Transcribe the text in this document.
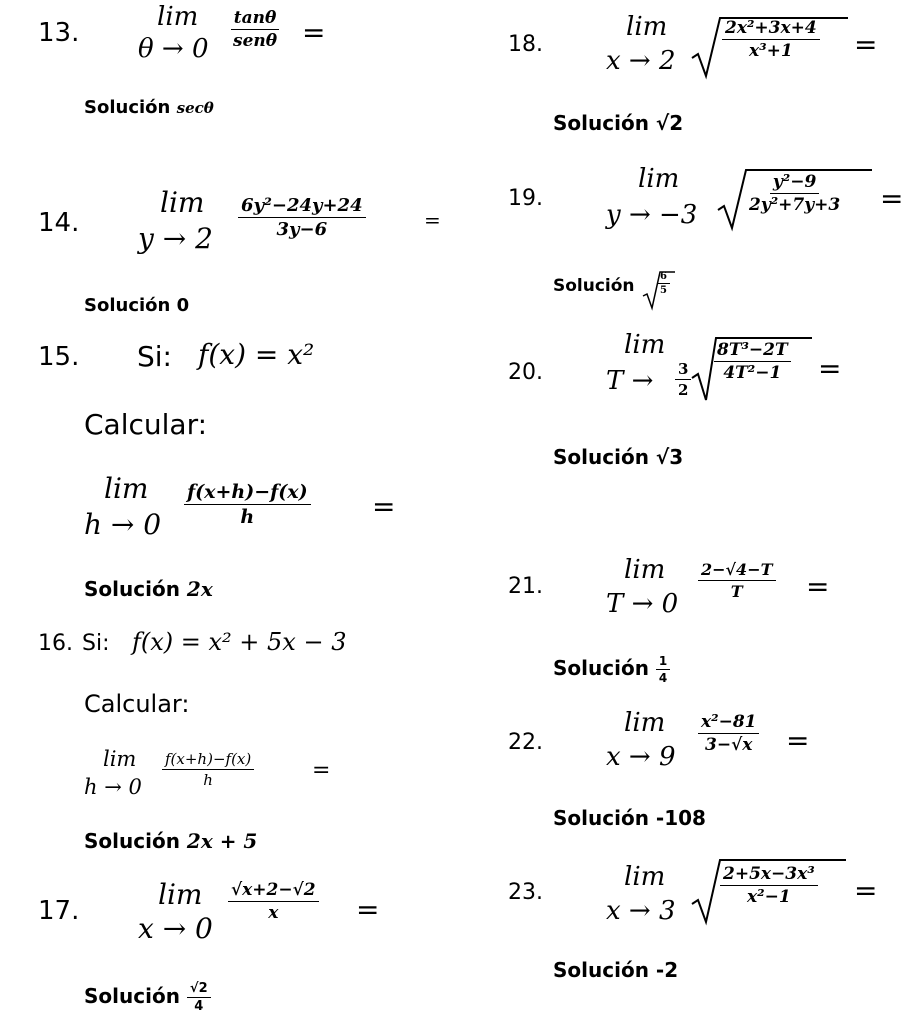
13.
lim
$\theta \to 0 \frac{\tan\theta}{\text{senθ}}$ =
Solución secθ
14.
lim
$y \to 2 \frac{\text{6y²−24y+24}}{3y-6}$	=
Solución 0
15. Si: f(x) = x²
Calcular:
lim
$h \to 0 \frac{f(x+h)-f(x)}{h}$ =
Solución 2x
16. Si: f(x) = x² + 5x − 3
Calcular:
lim
$h \to 0 \frac{f(x+h)-f(x)}{h}$	=
Solución 2x + 5
17.	lim
x → 0
$\frac{√x+2-√2}{x}$ =
Solución $\frac{√2}{4}$
18.
lim
x → 2	$\frac{\text{2x²+3x+4}}{\text{x³+1}}$ =
Solución √2
19.
lim
y → −3	$\frac{\text{y²−9}}{\text{2y²+7y+3}}$ =
Solución $\frac{6}{5}$
20.
lim
$T \to \frac{3}{2} \frac{\text{8T³−2T}}{\text{4T²−1}}$ =
Solución √3
21.
lim
T → 0
$\frac{2-√4-T}{T}$ =
Solución $\frac{1}{4}$
22.
lim
x → 9
$\frac{\text{x²−81}}{3-√x}$ =
Solución -108
23.
lim
x → 3
$\frac{\text{2+5x−3x³}}{\text{x²−1}}$ =
Solución -2
